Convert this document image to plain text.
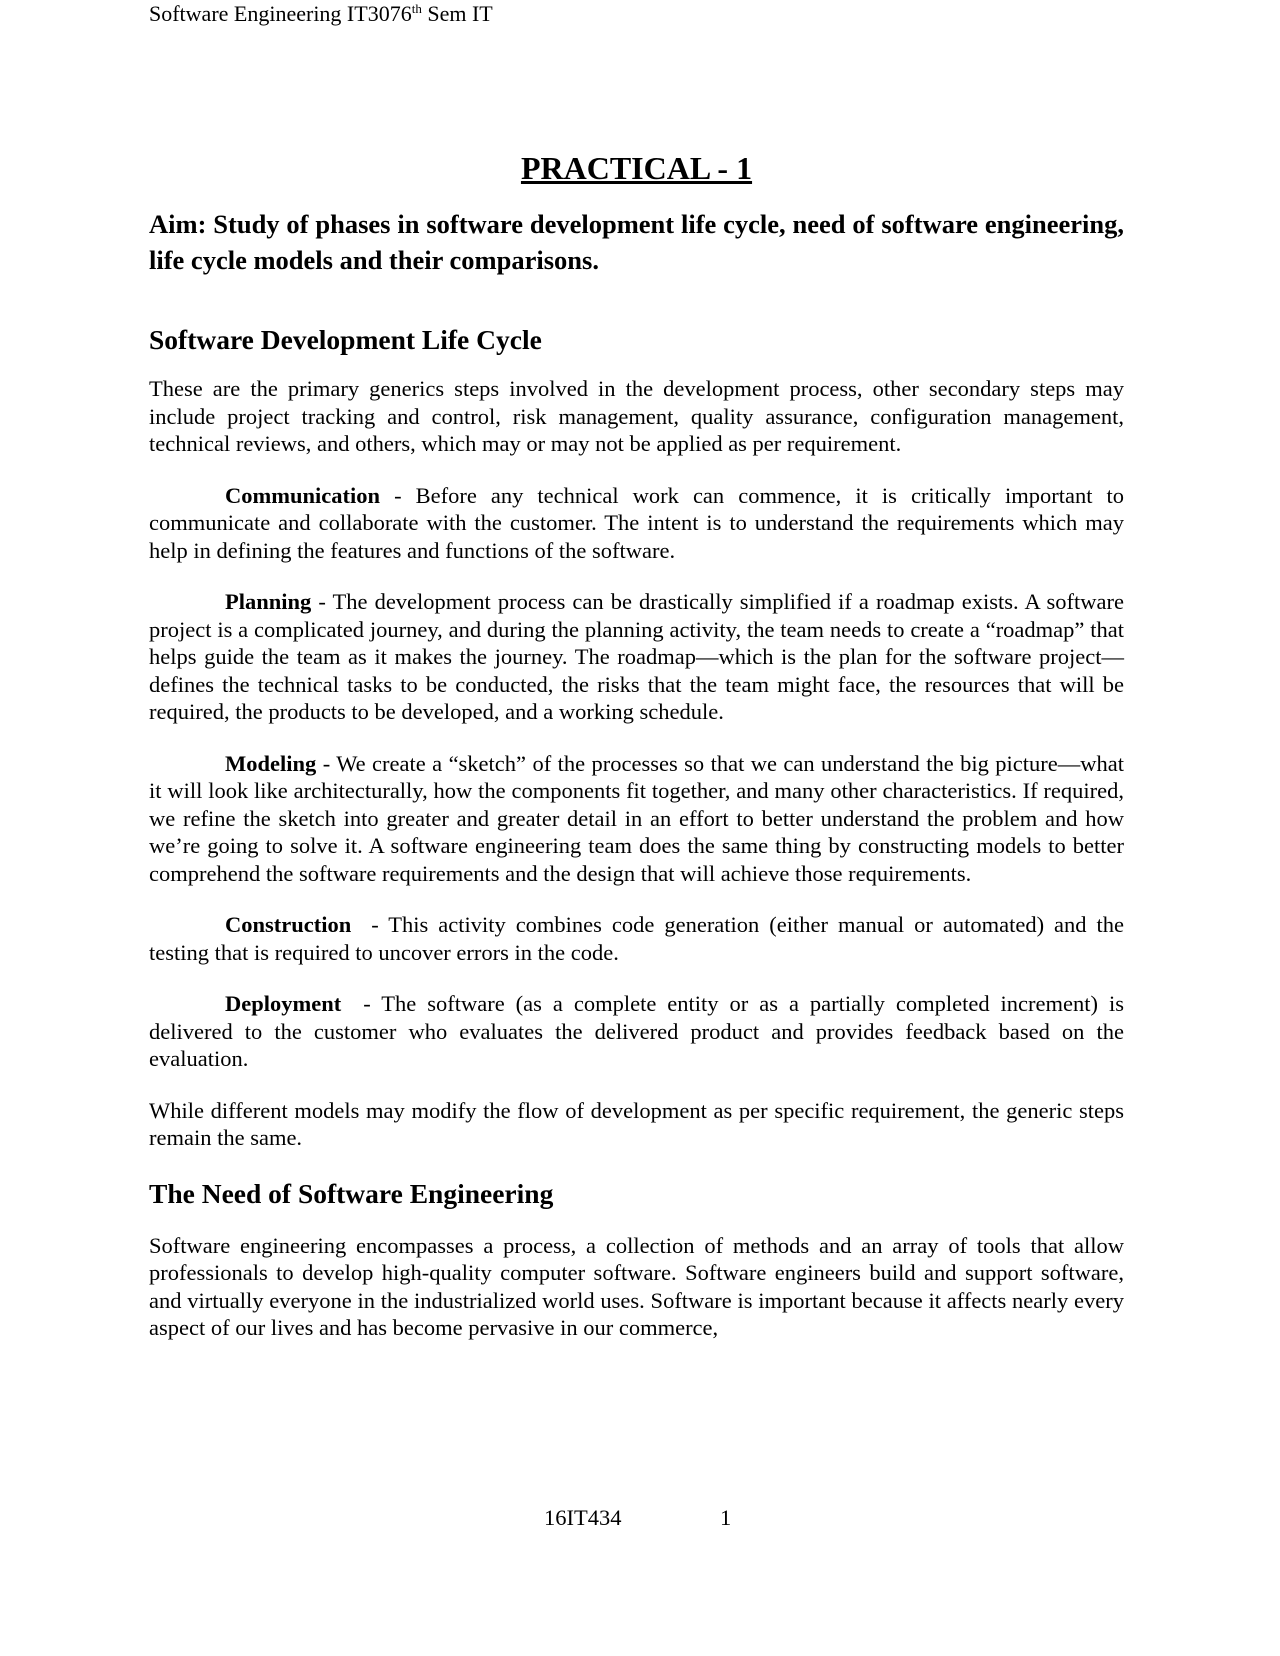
Software Engineering IT3076th Sem IT
PRACTICAL - 1
Aim: Study of phases in software development life cycle, need of software engineering, life cycle models and their comparisons.
Software Development Life Cycle

These are the primary generics steps involved in the development process, other secondary steps may include project tracking and control, risk management, quality assurance, configuration management, technical reviews, and others, which may or may not be applied as per requirement.

Communication - Before any technical work can commence, it is critically important to communicate and collaborate with the customer. The intent is to understand the requirements which may help in defining the features and functions of the software.

Planning - The development process can be drastically simplified if a roadmap exists. A software project is a complicated journey, and during the planning activity, the team needs to create a “roadmap” that helps guide the team as it makes the journey. The roadmap—which is the plan for the software project—defines the technical tasks to be conducted, the risks that the team might face, the resources that will be required, the products to be developed, and a working schedule.

Modeling - We create a “sketch” of the processes so that we can understand the big picture—what it will look like architecturally, how the components fit together, and many other characteristics. If required, we refine the sketch into greater and greater detail in an effort to better understand the problem and how we’re going to solve it. A software engineering team does the same thing by constructing models to better comprehend the software requirements and the design that will achieve those requirements.

Construction  - This activity combines code generation (either manual or automated) and the testing that is required to uncover errors in the code.

Deployment  - The software (as a complete entity or as a partially completed increment) is delivered to the customer who evaluates the delivered product and provides feedback based on the evaluation.

While different models may modify the flow of development as per specific requirement, the generic steps remain the same.

The Need of Software Engineering

Software engineering encompasses a process, a collection of methods and an array of tools that allow professionals to develop high-quality computer software. Software engineers build and support software, and virtually everyone in the industrialized world uses. Software is important because it affects nearly every aspect of our lives and has become pervasive in our commerce,

16IT434	1
